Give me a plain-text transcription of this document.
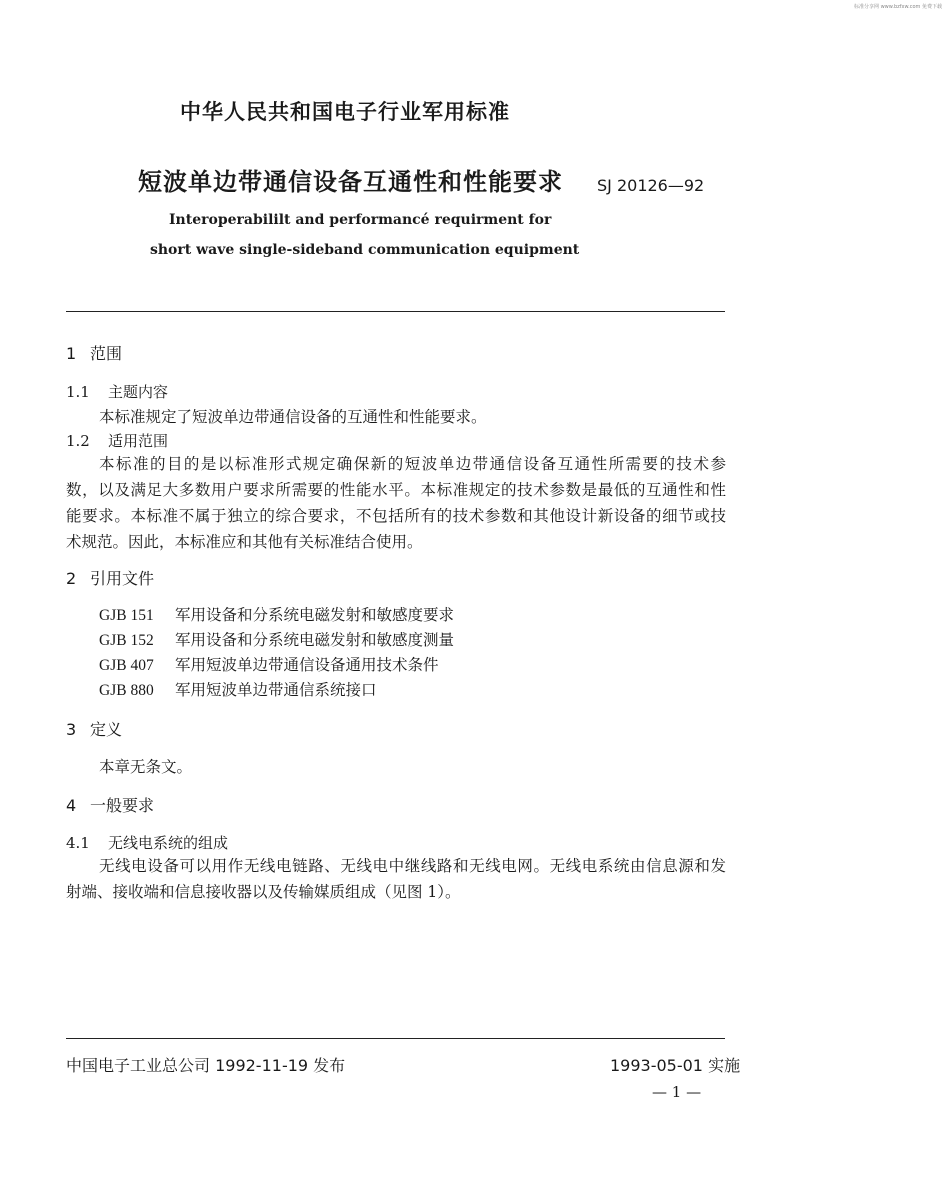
标准分享网 www.bzfxw.com 免费下载
中华人民共和国电子行业军用标准
短波单边带通信设备互通性和性能要求 SJ 20126—92
Interoperabililt and performancé requirment for
short wave single-sideband communication equipment
1 范围
1.1 主题内容
本标准规定了短波单边带通信设备的互通性和性能要求。
1.2 适用范围
本标准的目的是以标准形式规定确保新的短波单边带通信设备互通性所需要的技术参
数，以及满足大多数用户要求所需要的性能水平。本标准规定的技术参数是最低的互通性和性
能要求。本标准不属于独立的综合要求，不包括所有的技术参数和其他设计新设备的细节或技
术规范。因此，本标准应和其他有关标准结合使用。
2 引用文件
GJB 151 军用设备和分系统电磁发射和敏感度要求
GJB 152 军用设备和分系统电磁发射和敏感度测量
GJB 407 军用短波单边带通信设备通用技术条件
GJB 880 军用短波单边带通信系统接口
3 定义
本章无条文。
4 一般要求
4.1 无线电系统的组成
无线电设备可以用作无线电链路、无线电中继线路和无线电网。无线电系统由信息源和发
射端、接收端和信息接收器以及传输媒质组成（见图 1）。
中国电子工业总公司 1992-11-19 发布	1993-05-01 实施
— 1 —
